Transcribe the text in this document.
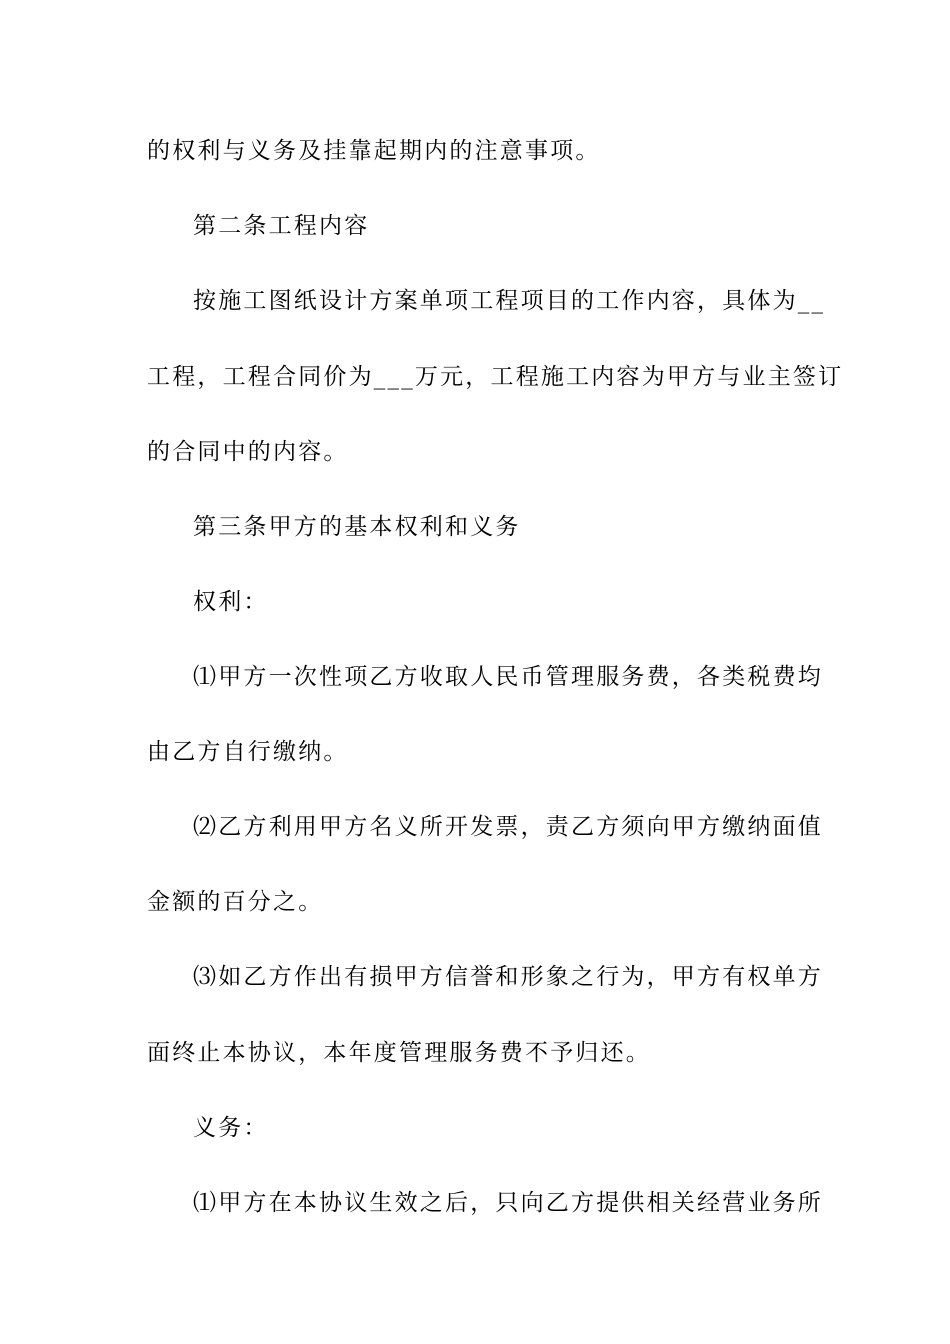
的权利与义务及挂靠起期内的注意事项。

第二条工程内容

按施工图纸设计方案单项工程项目的工作内容，具体为__

工程，工程合同价为___万元，工程施工内容为甲方与业主签订

的合同中的内容。

第三条甲方的基本权利和义务

权利：

⑴甲方一次性项乙方收取人民币管理服务费，各类税费均

由乙方自行缴纳。

⑵乙方利用甲方名义所开发票，责乙方须向甲方缴纳面值

金额的百分之。

⑶如乙方作出有损甲方信誉和形象之行为，甲方有权单方

面终止本协议，本年度管理服务费不予归还。

义务：

⑴甲方在本协议生效之后，只向乙方提供相关经营业务所
